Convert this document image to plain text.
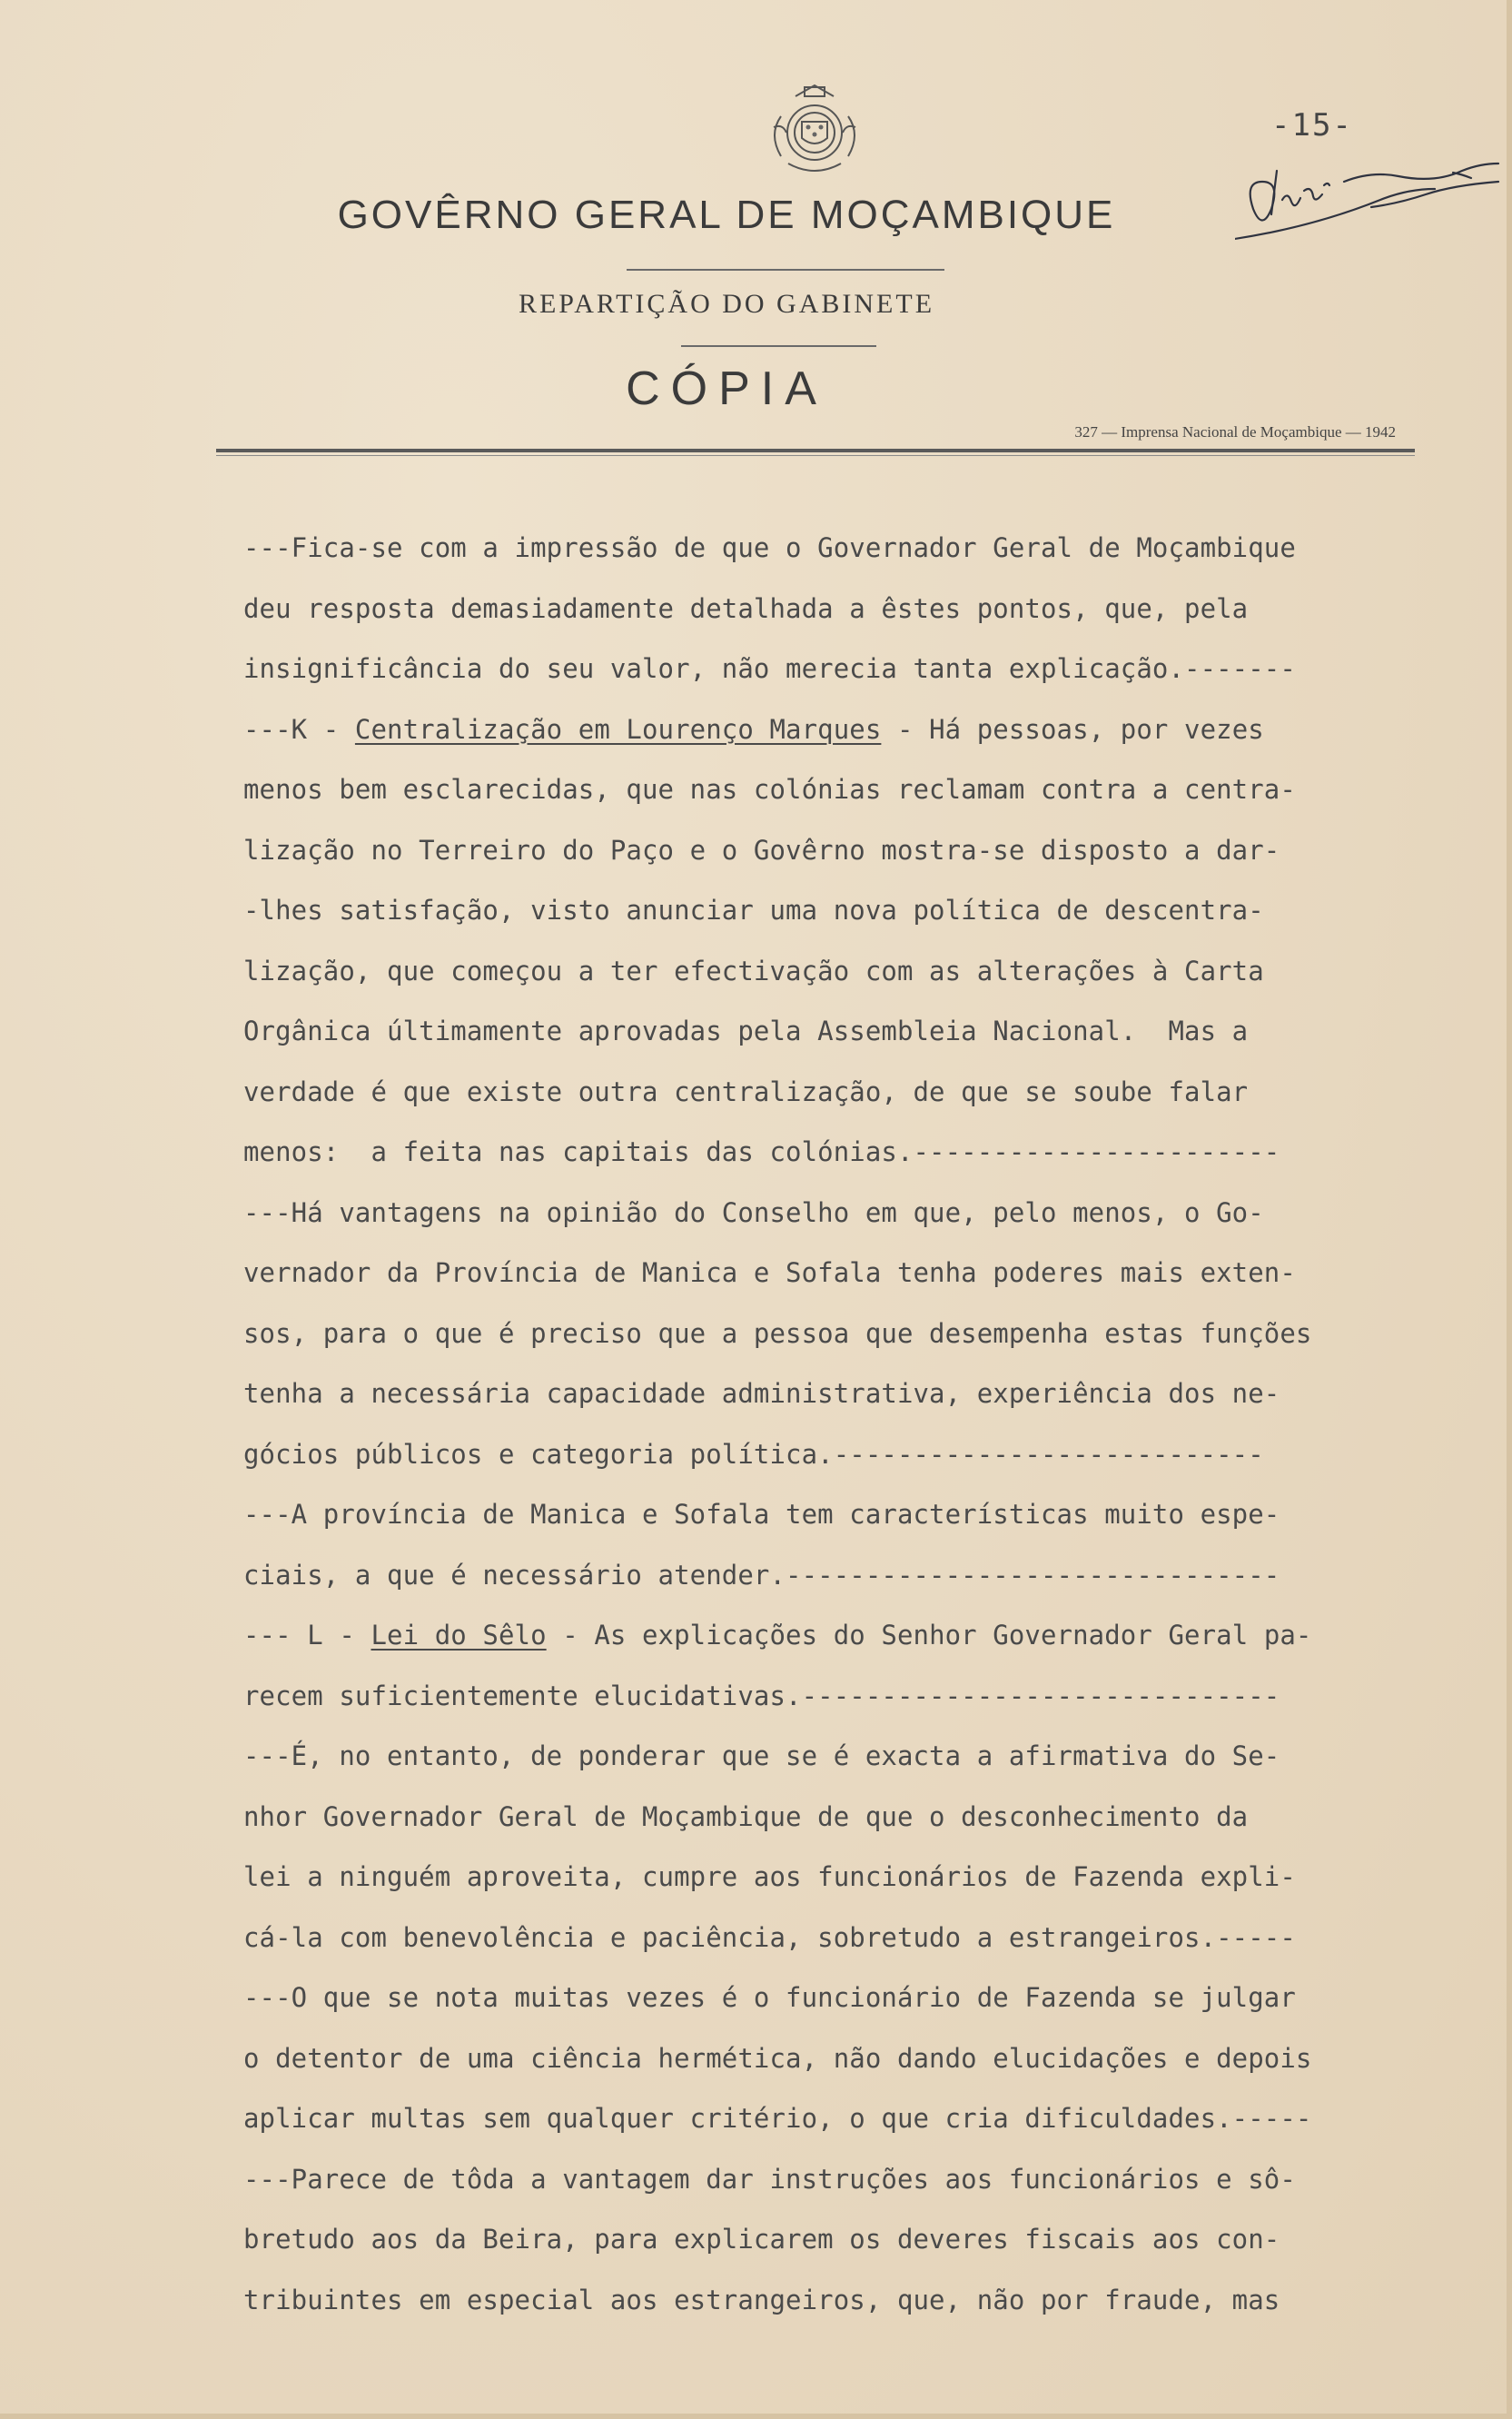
-15-
GOVÊRNO GERAL DE MOÇAMBIQUE
REPARTIÇÃO DO GABINETE
CÓPIA
327 — Imprensa Nacional de Moçambique — 1942
---Fica-se com a impressão de que o Governador Geral de Moçambique
deu resposta demasiadamente detalhada a êstes pontos, que, pela
insignificância do seu valor, não merecia tanta explicação.-------
---K - Centralização em Lourenço Marques - Há pessoas, por vezes
menos bem esclarecidas, que nas colónias reclamam contra a centra-
lização no Terreiro do Paço e o Govêrno mostra-se disposto a dar-
-lhes satisfação, visto anunciar uma nova política de descentra-
lização, que começou a ter efectivação com as alterações à Carta
Orgânica últimamente aprovadas pela Assembleia Nacional.  Mas a
verdade é que existe outra centralização, de que se soube falar
menos:  a feita nas capitais das colónias.-----------------------
---Há vantagens na opinião do Conselho em que, pelo menos, o Go-
vernador da Província de Manica e Sofala tenha poderes mais exten-
sos, para o que é preciso que a pessoa que desempenha estas funções
tenha a necessária capacidade administrativa, experiência dos ne-
gócios públicos e categoria política.---------------------------
---A província de Manica e Sofala tem características muito espe-
ciais, a que é necessário atender.-------------------------------
--- L - Lei do Sêlo - As explicações do Senhor Governador Geral pa-
recem suficientemente elucidativas.------------------------------
---É, no entanto, de ponderar que se é exacta a afirmativa do Se-
nhor Governador Geral de Moçambique de que o desconhecimento da
lei a ninguém aproveita, cumpre aos funcionários de Fazenda expli-
cá-la com benevolência e paciência, sobretudo a estrangeiros.-----
---O que se nota muitas vezes é o funcionário de Fazenda se julgar
o detentor de uma ciência hermética, não dando elucidações e depois
aplicar multas sem qualquer critério, o que cria dificuldades.-----
---Parece de tôda a vantagem dar instruções aos funcionários e sô-
bretudo aos da Beira, para explicarem os deveres fiscais aos con-
tribuintes em especial aos estrangeiros, que, não por fraude, mas
